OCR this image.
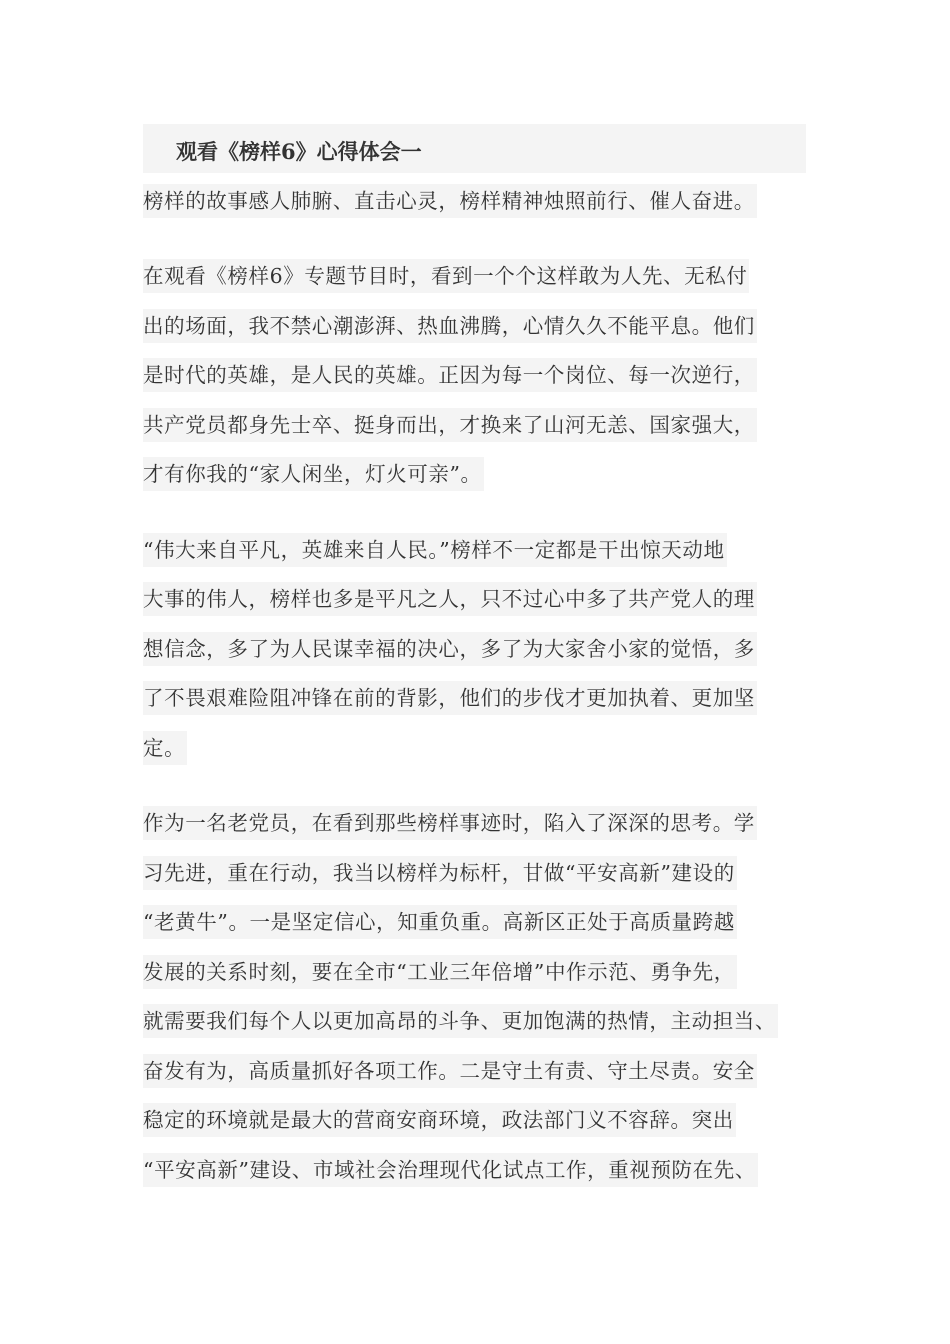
观看《榜样6》心得体会一
榜样的故事感人肺腑、直击心灵，榜样精神烛照前行、催人奋进。
在观看《榜样6》专题节目时，看到一个个这样敢为人先、无私付
出的场面，我不禁心潮澎湃、热血沸腾，心情久久不能平息。他们
是时代的英雄，是人民的英雄。正因为每一个岗位、每一次逆行，
共产党员都身先士卒、挺身而出，才换来了山河无恙、国家强大，
才有你我的“家人闲坐，灯火可亲”。
“伟大来自平凡，英雄来自人民。”榜样不一定都是干出惊天动地
大事的伟人，榜样也多是平凡之人，只不过心中多了共产党人的理
想信念，多了为人民谋幸福的决心，多了为大家舍小家的觉悟，多
了不畏艰难险阻冲锋在前的背影，他们的步伐才更加执着、更加坚
定。
作为一名老党员，在看到那些榜样事迹时，陷入了深深的思考。学
习先进，重在行动，我当以榜样为标杆，甘做“平安高新”建设的
“老黄牛”。一是坚定信心，知重负重。高新区正处于高质量跨越
发展的关系时刻，要在全市“工业三年倍增”中作示范、勇争先，
就需要我们每个人以更加高昂的斗争、更加饱满的热情，主动担当、
奋发有为，高质量抓好各项工作。二是守土有责、守土尽责。安全
稳定的环境就是最大的营商安商环境，政法部门义不容辞。突出
“平安高新”建设、市域社会治理现代化试点工作，重视预防在先、
